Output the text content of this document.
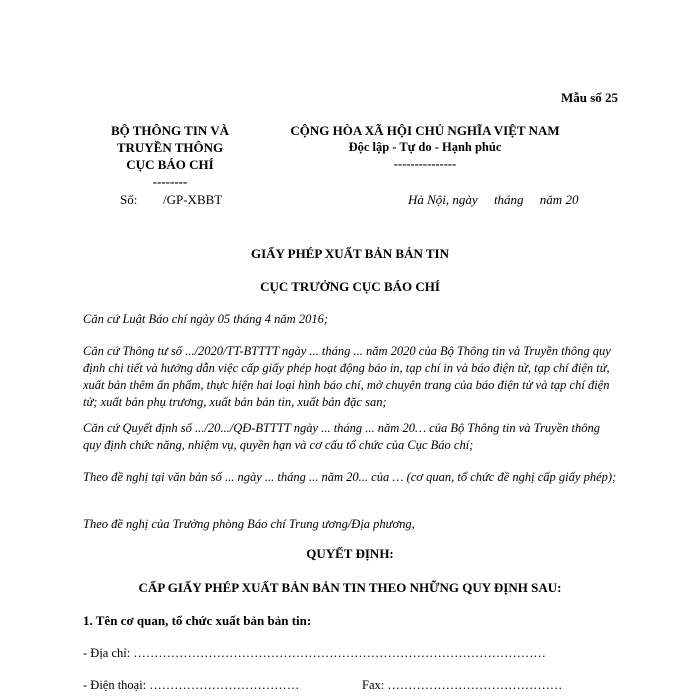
Mẫu số 25
BỘ THÔNG TIN VÀ
TRUYỀN THÔNG
CỤC BÁO CHÍ
--------
CỘNG HÒA XÃ HỘI CHỦ NGHĨA VIỆT NAM
Độc lập - Tự do - Hạnh phúc
---------------
Số: /GP-XBBT	Hà Nội, ngày     tháng     năm 20
GIẤY PHÉP XUẤT BẢN BẢN TIN
CỤC TRƯỞNG CỤC BÁO CHÍ
Căn cứ Luật Báo chí ngày 05 tháng 4 năm 2016;
Căn cứ Thông tư số .../2020/TT-BTTTT ngày ... tháng ... năm 2020 của Bộ Thông tin và Truyền thông quy định chi tiết và hướng dẫn việc cấp giấy phép hoạt động báo in, tạp chí in và báo điện tử, tạp chí điện tử, xuất bản thêm ấn phẩm, thực hiện hai loại hình báo chí, mở chuyên trang của báo điện tử và tạp chí điện tử; xuất bản phụ trương, xuất bản bản tin, xuất bản đặc san;
Căn cứ Quyết định số .../20.../QĐ-BTTTT ngày ... tháng ... năm 20… của Bộ Thông tin và Truyền thông quy định chức năng, nhiệm vụ, quyền hạn và cơ cấu tổ chức của Cục Báo chí;
Theo đề nghị tại văn bản số ... ngày ... tháng ... năm 20... của … (cơ quan, tổ chức đề nghị cấp giấy phép);
Theo đề nghị của Trưởng phòng Báo chí Trung ương/Địa phương,
QUYẾT ĐỊNH:
CẤP GIẤY PHÉP XUẤT BẢN BẢN TIN THEO NHỮNG QUY ĐỊNH SAU:
1. Tên cơ quan, tổ chức xuất bản bản tin:
- Địa chỉ: ………………………………………………………………………………………
- Điện thoại: ………………………………	Fax: ……………………………………
